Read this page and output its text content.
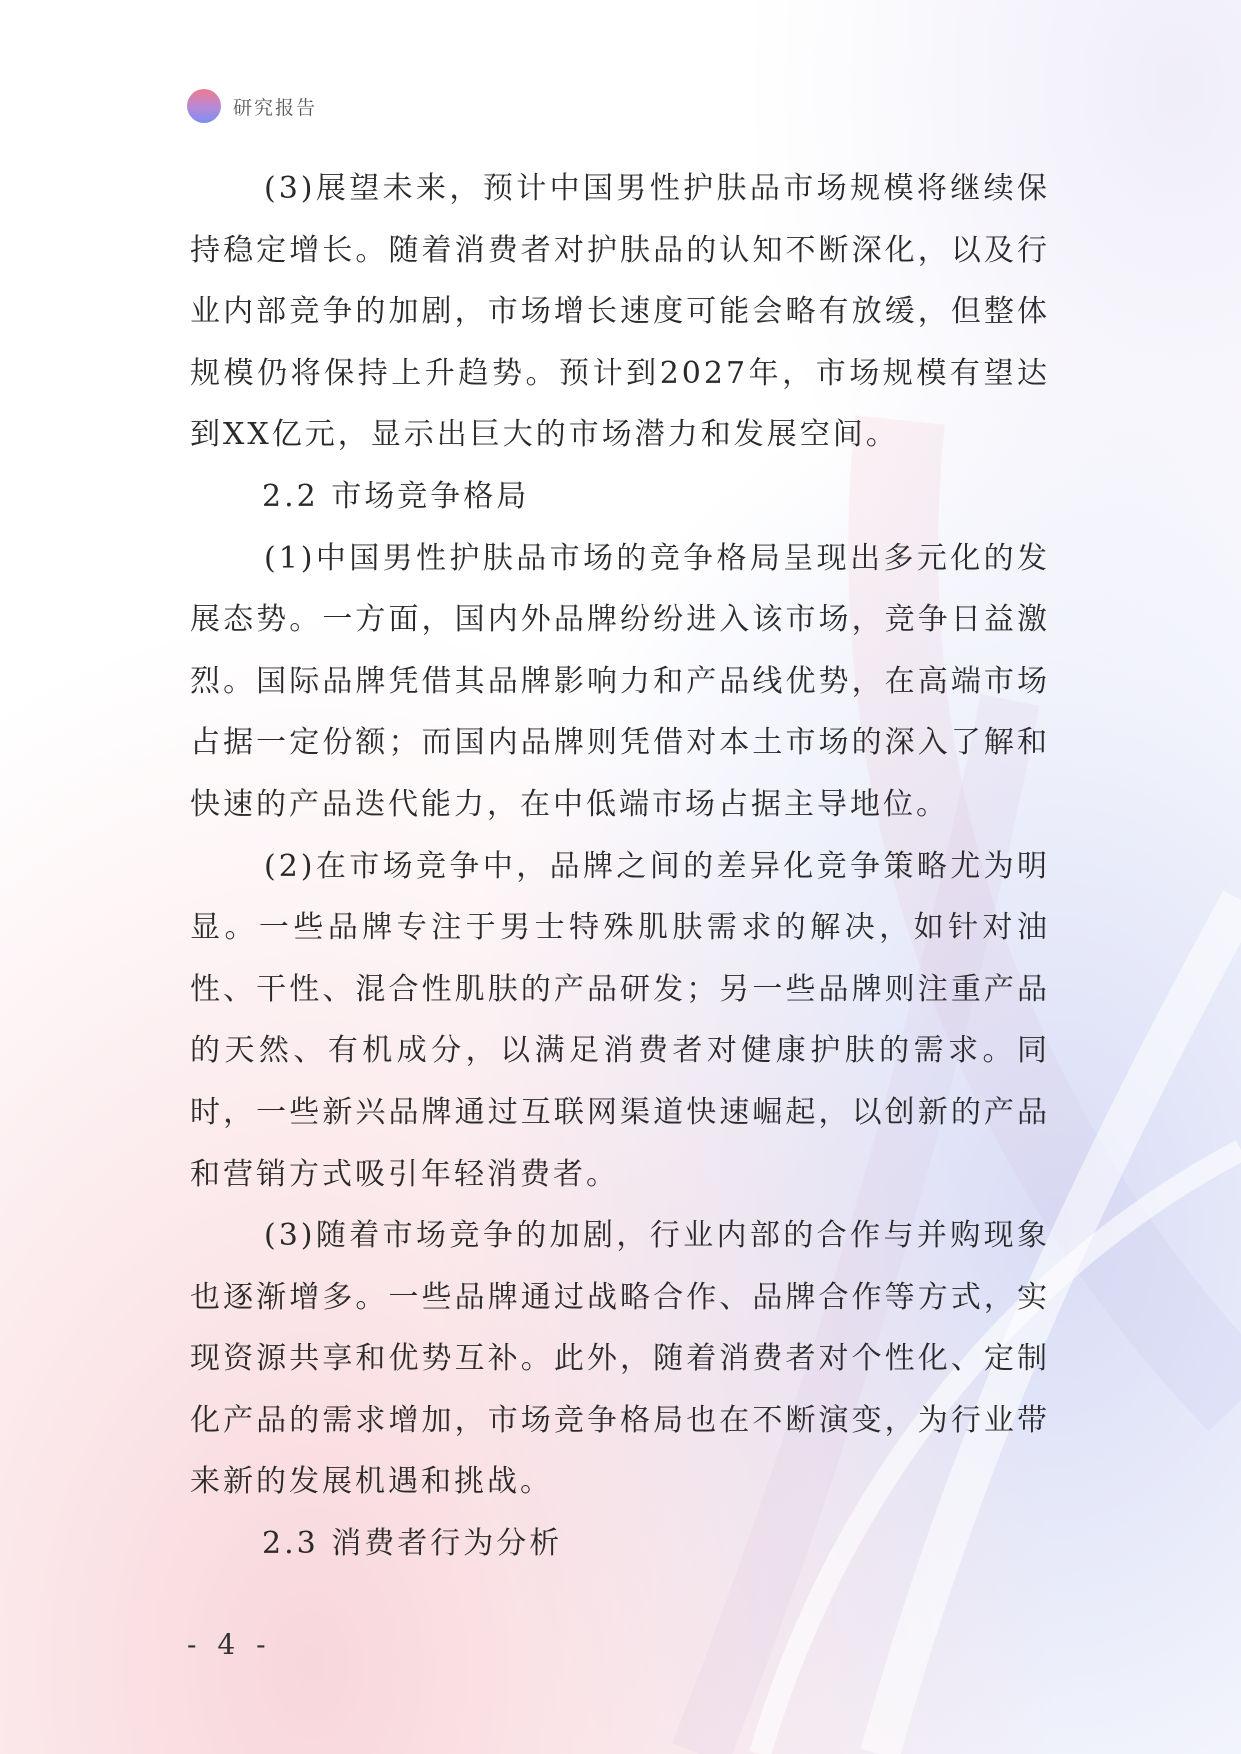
研究报告

(3)展望未来，预计中国男性护肤品市场规模将继续保持稳定增长。随着消费者对护肤品的认知不断深化，以及行业内部竞争的加剧，市场增长速度可能会略有放缓，但整体规模仍将保持上升趋势。预计到2027年，市场规模有望达到XX亿元，显示出巨大的市场潜力和发展空间。

2.2 市场竞争格局

(1)中国男性护肤品市场的竞争格局呈现出多元化的发展态势。一方面，国内外品牌纷纷进入该市场，竞争日益激烈。国际品牌凭借其品牌影响力和产品线优势，在高端市场占据一定份额；而国内品牌则凭借对本土市场的深入了解和快速的产品迭代能力，在中低端市场占据主导地位。

(2)在市场竞争中，品牌之间的差异化竞争策略尤为明显。一些品牌专注于男士特殊肌肤需求的解决，如针对油性、干性、混合性肌肤的产品研发；另一些品牌则注重产品的天然、有机成分，以满足消费者对健康护肤的需求。同时，一些新兴品牌通过互联网渠道快速崛起，以创新的产品和营销方式吸引年轻消费者。

(3)随着市场竞争的加剧，行业内部的合作与并购现象也逐渐增多。一些品牌通过战略合作、品牌合作等方式，实现资源共享和优势互补。此外，随着消费者对个性化、定制化产品的需求增加，市场竞争格局也在不断演变，为行业带来新的发展机遇和挑战。

2.3 消费者行为分析

- 4 -
